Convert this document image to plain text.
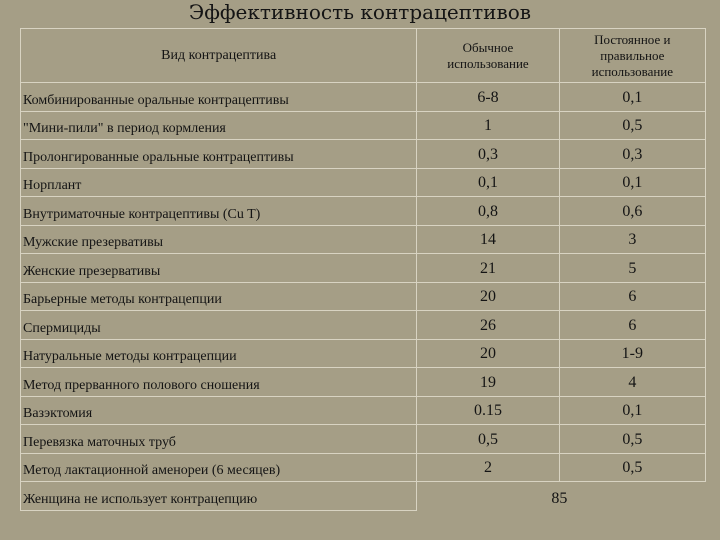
Эффективность контрацептивов
Вид контрацептива	Обычное использование	Постоянное и правильное использование
Комбинированные оральные контрацептивы	6-8	0,1
"Мини-пили" в период кормления	1	0,5
Пролонгированные оральные контрацептивы	0,3	0,3
Норплант	0,1	0,1
Внутриматочные контрацептивы (Cu T)	0,8	0,6
Мужские презервативы	14	3
Женские презервативы	21	5
Барьерные методы контрацепции	20	6
Спермициды	26	6
Натуральные методы контрацепции	20	1-9
Метод прерванного полового сношения	19	4
Вазэктомия	0.15	0,1
Перевязка маточных труб	0,5	0,5
Метод лактационной аменореи (6 месяцев)	2	0,5
Женщина не использует контрацепцию	85	
